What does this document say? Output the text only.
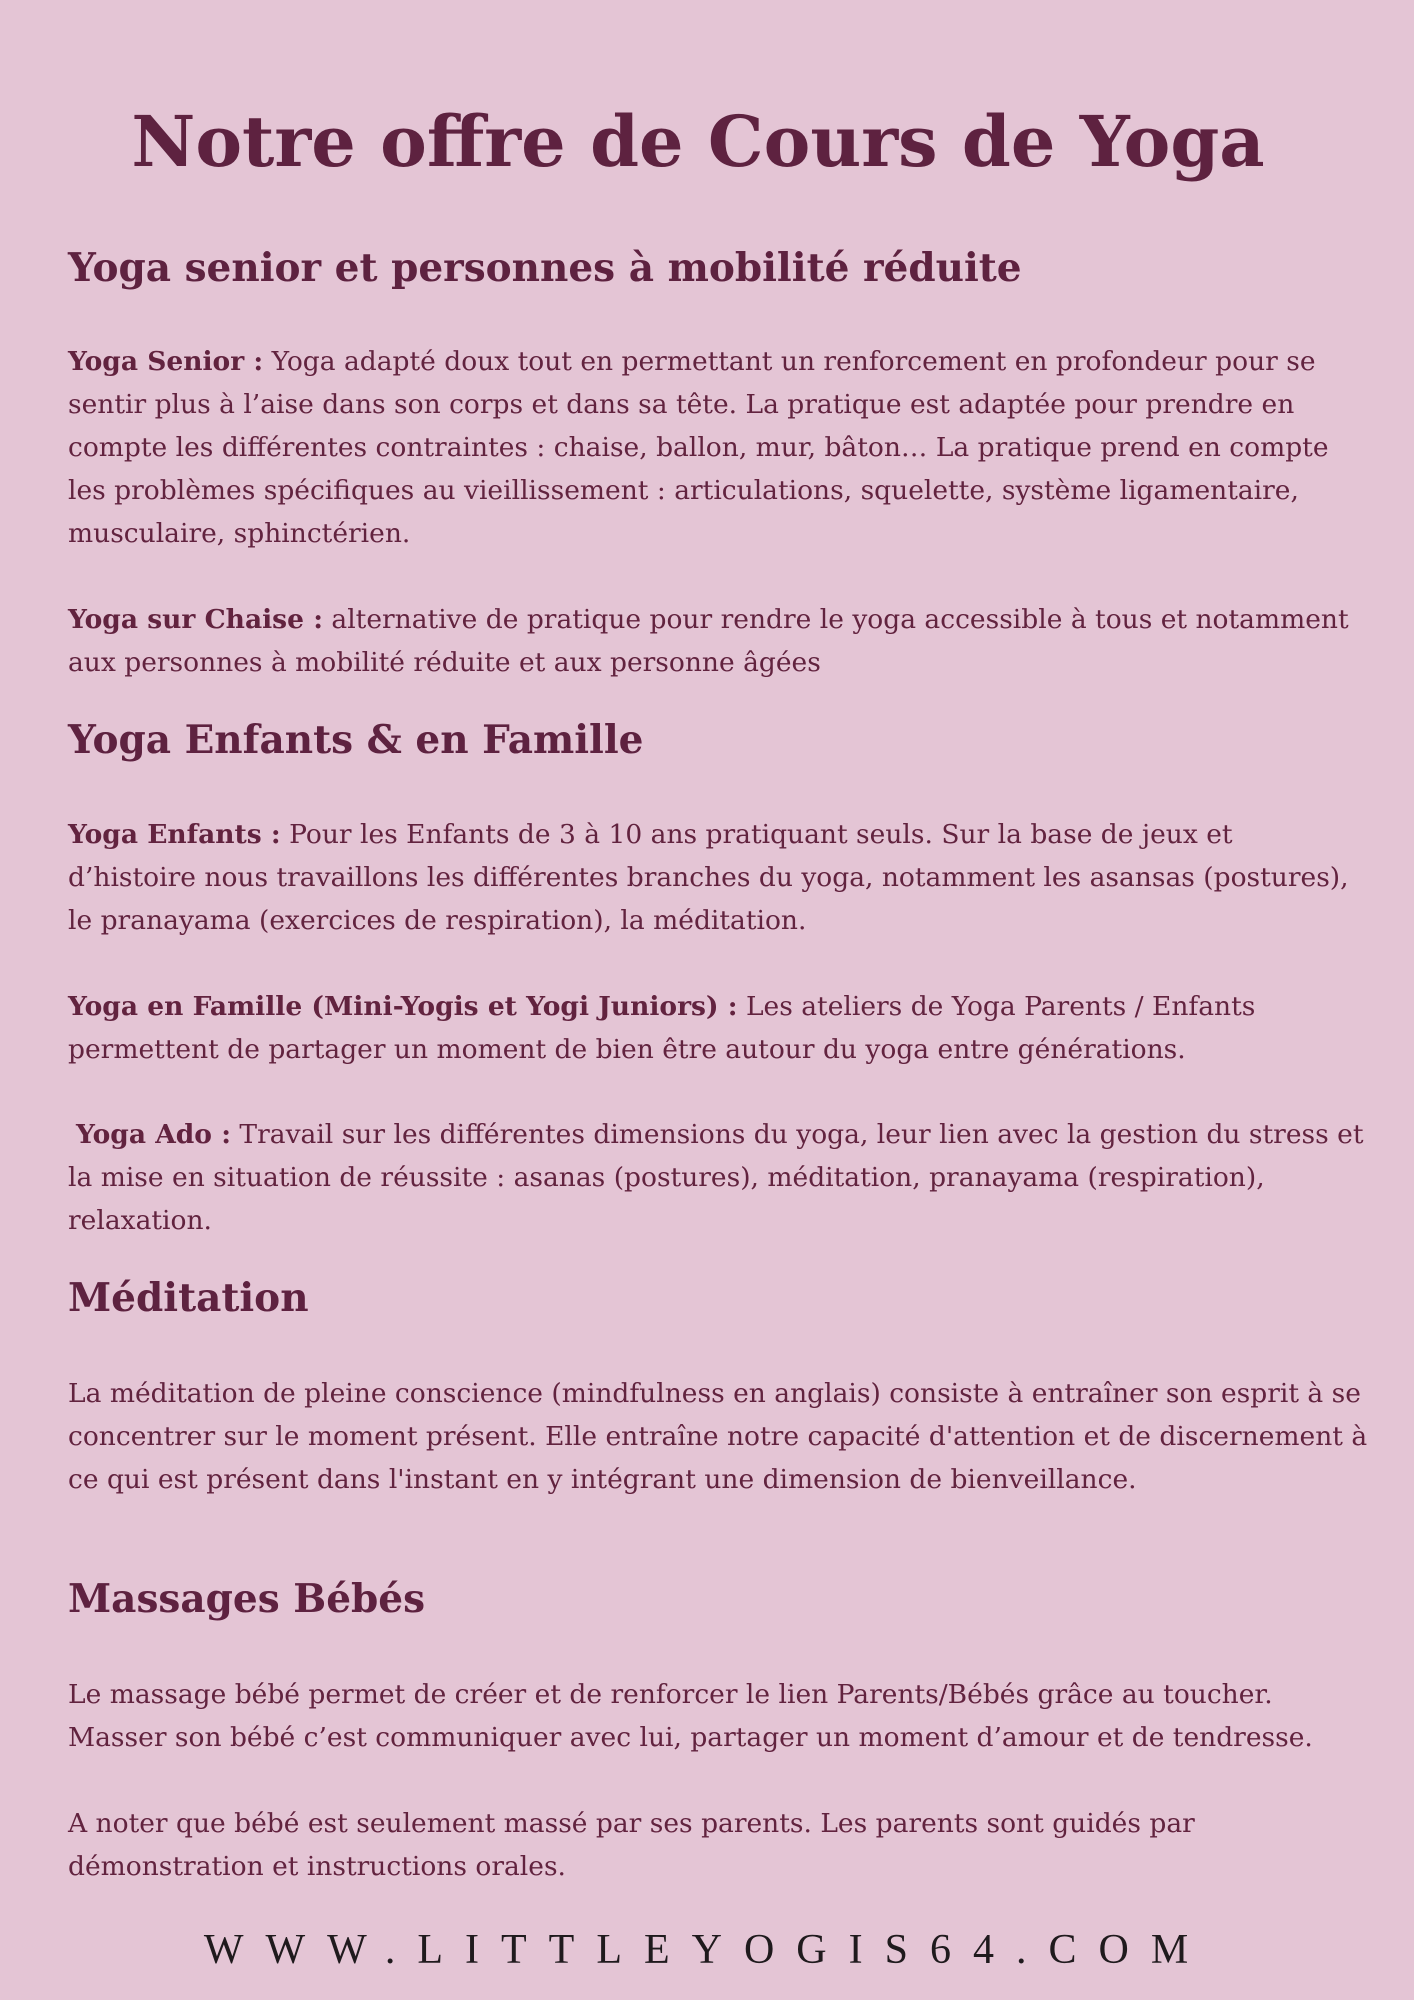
Notre offre de Cours de Yoga
Yoga senior et personnes à mobilité réduite

Yoga Senior : Yoga adapté doux tout en permettant un renforcement en profondeur pour se sentir plus à l’aise dans son corps et dans sa tête. La pratique est adaptée pour prendre en compte les différentes contraintes : chaise, ballon, mur, bâton… La pratique prend en compte les problèmes spécifiques au vieillissement : articulations, squelette, système ligamentaire, musculaire, sphinctérien.

Yoga sur Chaise : alternative de pratique pour rendre le yoga accessible à tous et notamment aux personnes à mobilité réduite et aux personne âgées

Yoga Enfants & en Famille

Yoga Enfants : Pour les Enfants de 3 à 10 ans pratiquant seuls. Sur la base de jeux et d’histoire nous travaillons les différentes branches du yoga, notamment les asansas (postures), le pranayama (exercices de respiration), la méditation.

Yoga en Famille (Mini-Yogis et Yogi Juniors) : Les ateliers de Yoga Parents / Enfants permettent de partager un moment de bien être autour du yoga entre générations.

Yoga Ado : Travail sur les différentes dimensions du yoga, leur lien avec la gestion du stress et la mise en situation de réussite : asanas (postures), méditation, pranayama (respiration), relaxation.

Méditation

La méditation de pleine conscience (mindfulness en anglais) consiste à entraîner son esprit à se concentrer sur le moment présent. Elle entraîne notre capacité d'attention et de discernement à ce qui est présent dans l'instant en y intégrant une dimension de bienveillance.

Massages Bébés

Le massage bébé permet de créer et de renforcer le lien Parents/Bébés grâce au toucher. Masser son bébé c’est communiquer avec lui, partager un moment d’amour et de tendresse.

A noter que bébé est seulement massé par ses parents. Les parents sont guidés par démonstration et instructions orales.

WWW.LITTLEYOGIS64.COM
